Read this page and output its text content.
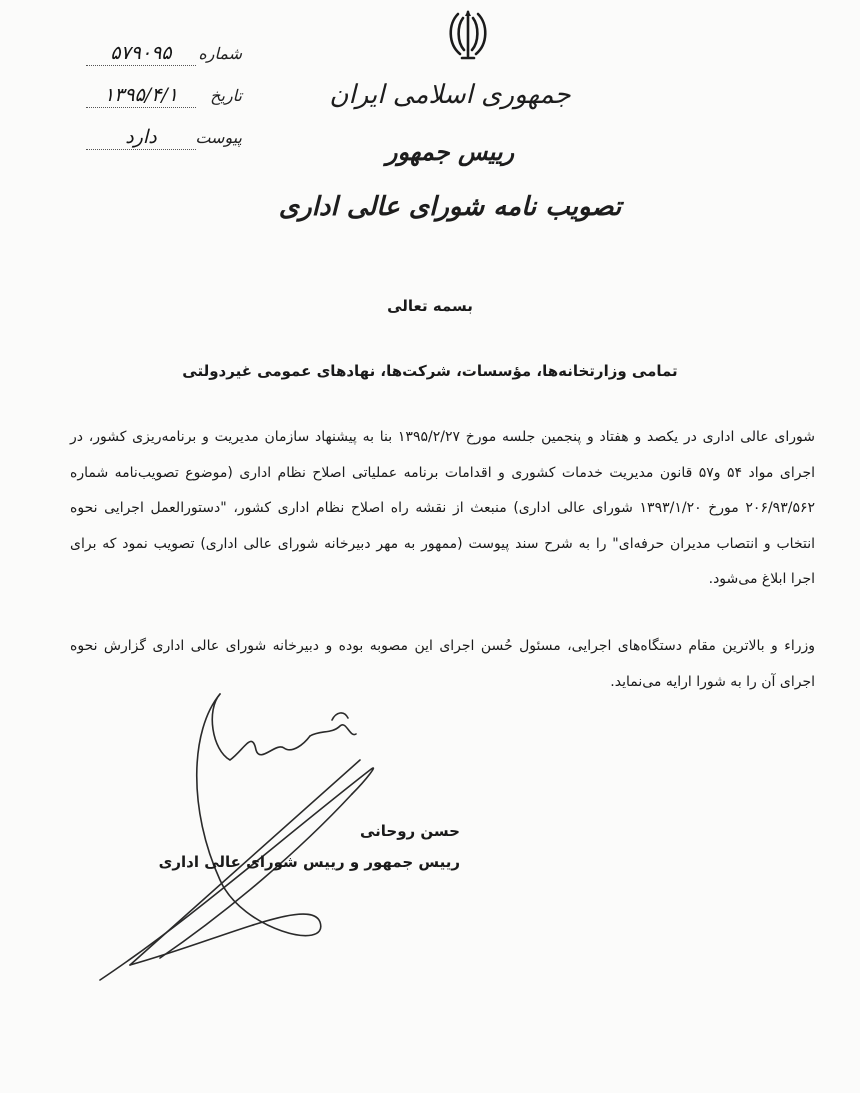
شماره
۵۷۹۰۹۵
تاریخ
۱۳۹۵/۴/۱
پیوست
دارد
جمهوری اسلامی ایران
رییس جمهور
تصویب نامه شورای عالی اداری
بسمه تعالی
تمامی وزارتخانه‌ها، مؤسسات، شرکت‌ها، نهادهای عمومی غیردولتی
شورای عالی اداری در یکصد و هفتاد و پنجمین جلسه مورخ ۱۳۹۵/۲/۲۷ بنا به پیشنهاد سازمان مدیریت و برنامه‌ریزی کشور، در اجرای مواد ۵۴ و۵۷ قانون مدیریت خدمات کشوری و اقدامات برنامه عملیاتی اصلاح نظام اداری (موضوع تصویب‌نامه شماره ۲۰۶/۹۳/۵۶۲ مورخ ۱۳۹۳/۱/۲۰ شورای عالی اداری) منبعث از نقشه راه اصلاح نظام اداری کشور، "دستورالعمل اجرایی نحوه انتخاب و انتصاب مدیران حرفه‌ای" را به شرح سند پیوست (ممهور به مهر دبیرخانه شورای عالی اداری) تصویب نمود که برای اجرا ابلاغ می‌شود.
وزراء و بالاترین مقام دستگاه‌های اجرایی، مسئول حُسن اجرای این مصوبه بوده و دبیرخانه شورای عالی اداری گزارش نحوه اجرای آن را به شورا ارایه می‌نماید.
حسن روحانی
رییس جمهور و رییس شورای عالی اداری
